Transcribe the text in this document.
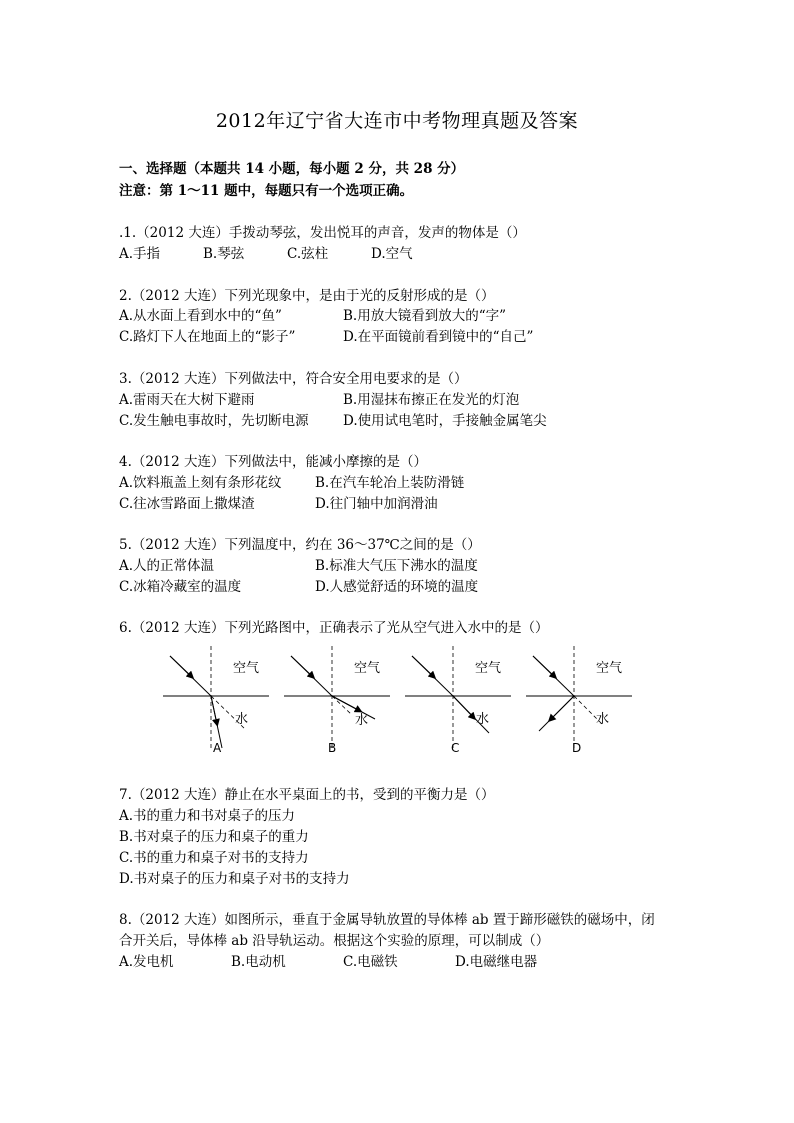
2012年辽宁省大连市中考物理真题及答案
一、选择题（本题共 14 小题，每小题 2 分，共 28 分）
注意：第 1～11 题中，每题只有一个选项正确。
.1.（2012 大连）手拨动琴弦，发出悦耳的声音，发声的物体是（）
A.手指	B.琴弦	C.弦柱	D.空气
2.（2012 大连）下列光现象中，是由于光的反射形成的是（）
A.从水面上看到水中的“鱼”	B.用放大镜看到放大的“字”
C.路灯下人在地面上的“影子”	D.在平面镜前看到镜中的“自己”
3.（2012 大连）下列做法中，符合安全用电要求的是（）
A.雷雨天在大树下避雨	B.用湿抹布擦正在发光的灯泡
C.发生触电事故时，先切断电源	D.使用试电笔时，手接触金属笔尖
4.（2012 大连）下列做法中，能减小摩擦的是（）
A.饮料瓶盖上刻有条形花纹 B.在汽车轮冶上装防滑链
C.往冰雪路面上撒煤渣	D.往门轴中加润滑油
5.（2012 大连）下列温度中，约在 36～37℃之间的是（）
A.人的正常体温	B.标准大气压下沸水的温度
C.冰箱冷藏室的温度	D.人感觉舒适的环境的温度
6.（2012 大连）下列光路图中，正确表示了光从空气进入水中的是（）
空气
水
A
空气
水
B
空气
水
C
空气
水
D
7.（2012 大连）静止在水平桌面上的书，受到的平衡力是（）
A.书的重力和书对桌子的压力
B.书对桌子的压力和桌子的重力
C.书的重力和桌子对书的支持力
D.书对桌子的压力和桌子对书的支持力
8.（2012 大连）如图所示，垂直于金属导轨放置的导体棒 ab 置于蹄形磁铁的磁场中，闭
合开关后，导体棒 ab 沿导轨运动。根据这个实验的原理，可以制成（）
A.发电机	B.电动机	C.电磁铁	D.电磁继电器
